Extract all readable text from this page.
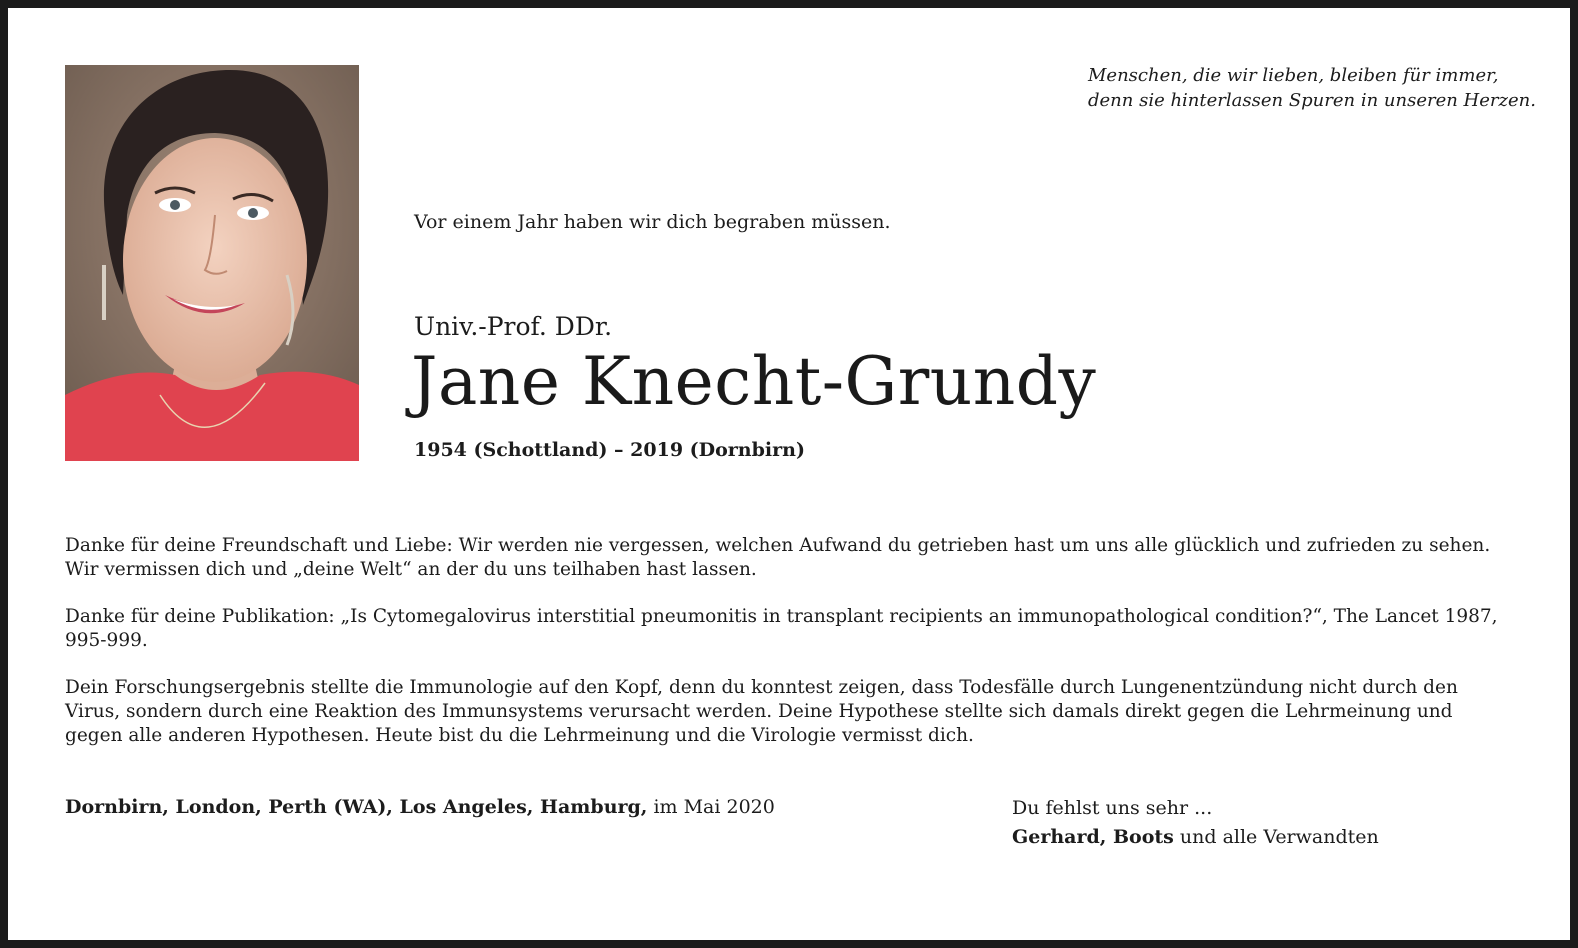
Menschen, die wir lieben, bleiben für immer,
denn sie hinterlassen Spuren in unseren Herzen.
Vor einem Jahr haben wir dich begraben müssen.
Univ.-Prof. DDr.
Jane Knecht-Grundy
1954 (Schottland) – 2019 (Dornbirn)

Danke für deine Freundschaft und Liebe: Wir werden nie vergessen, welchen Aufwand du getrieben hast um uns alle glücklich und zufrieden zu sehen. Wir vermissen dich und „deine Welt“ an der du uns teilhaben hast lassen.

Danke für deine Publikation: „Is Cytomegalovirus interstitial pneumonitis in transplant recipients an immunopathological condition?“, The Lancet 1987, 995-999.

Dein Forschungsergebnis stellte die Immunologie auf den Kopf, denn du konntest zeigen, dass Todesfälle durch Lungenentzündung nicht durch den Virus, sondern durch eine Reaktion des Immunsystems verursacht werden. Deine Hypothese stellte sich damals direkt gegen die Lehrmeinung und gegen alle anderen Hypothesen. Heute bist du die Lehrmeinung und die Virologie vermisst dich.

Dornbirn, London, Perth (WA), Los Angeles, Hamburg, im Mai 2020	Du fehlst uns sehr ...
Gerhard, Boots und alle Verwandten
